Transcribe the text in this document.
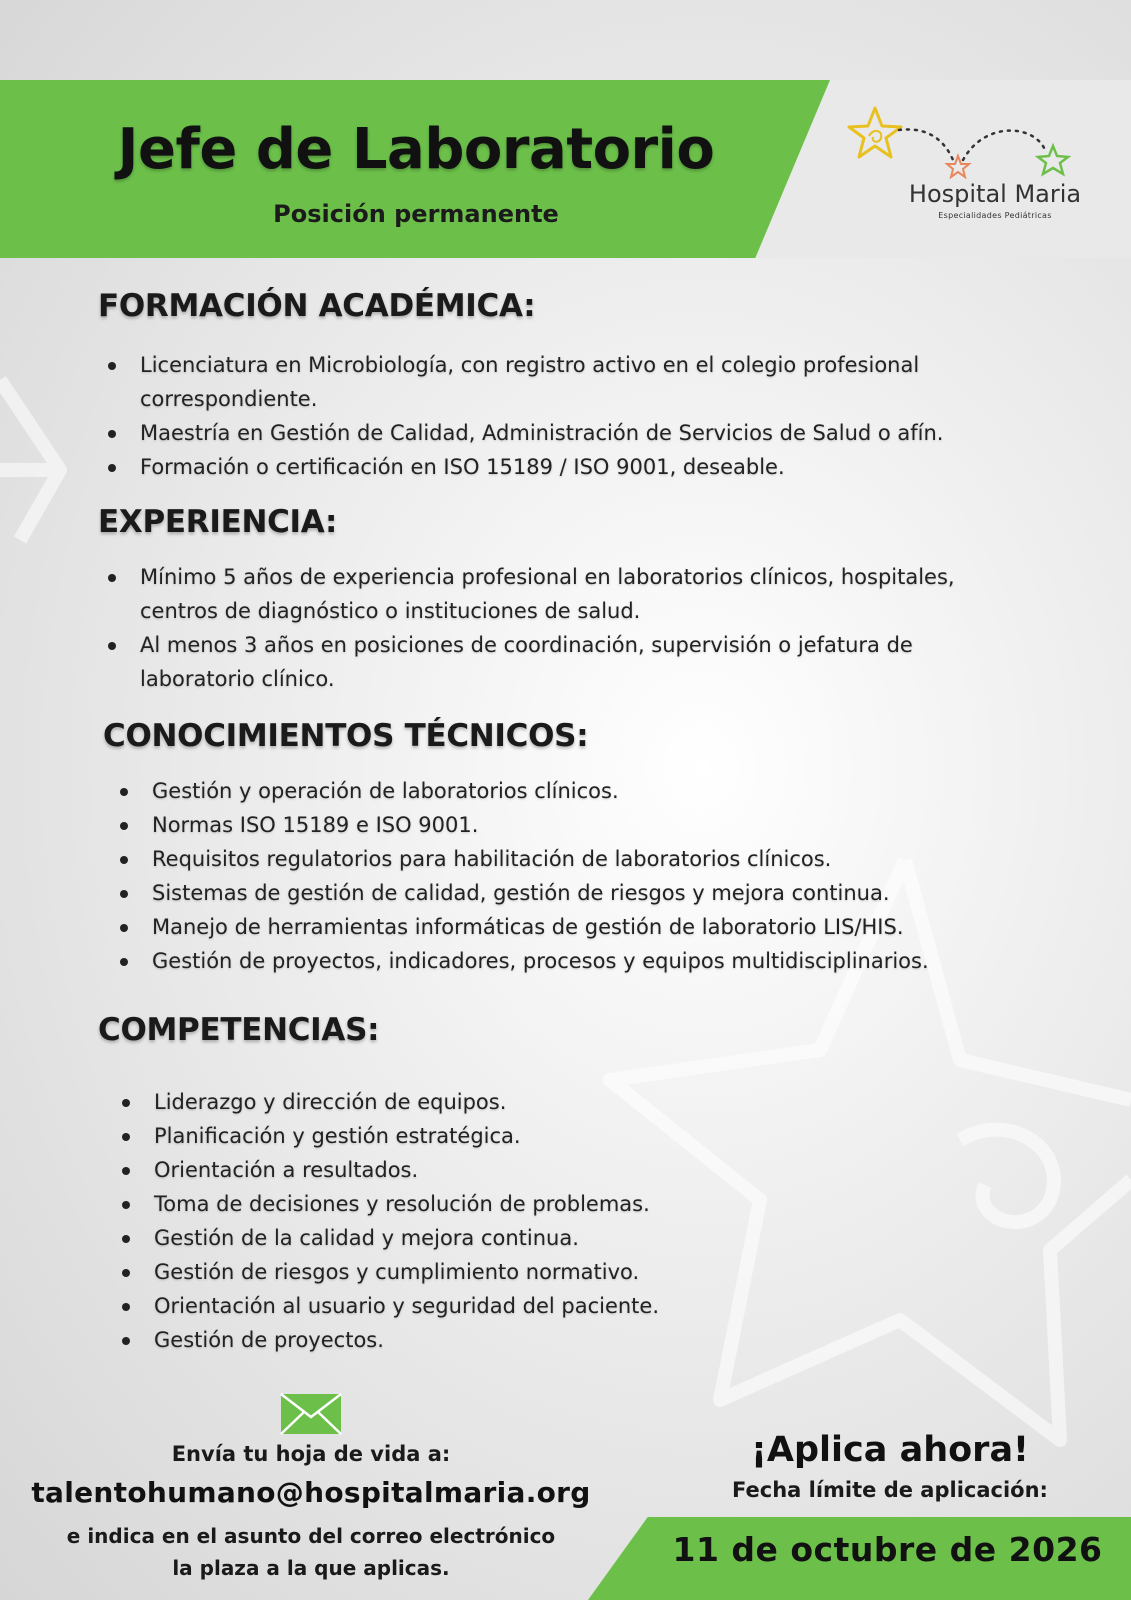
Jefe de Laboratorio

Posición permanente

Hospital Maria
Especialidades Pediátricas
FORMACIÓN ACADÉMICA:
Licenciatura en Microbiología, con registro activo en el colegio profesional
correspondiente.
Maestría en Gestión de Calidad, Administración de Servicios de Salud o afín.
Formación o certificación en ISO 15189 / ISO 9001, deseable.
EXPERIENCIA:
Mínimo 5 años de experiencia profesional en laboratorios clínicos, hospitales,
centros de diagnóstico o instituciones de salud.
Al menos 3 años en posiciones de coordinación, supervisión o jefatura de
laboratorio clínico.
CONOCIMIENTOS TÉCNICOS:
Gestión y operación de laboratorios clínicos.
Normas ISO 15189 e ISO 9001.
Requisitos regulatorios para habilitación de laboratorios clínicos.
Sistemas de gestión de calidad, gestión de riesgos y mejora continua.
Manejo de herramientas informáticas de gestión de laboratorio LIS/HIS.
Gestión de proyectos, indicadores, procesos y equipos multidisciplinarios.
COMPETENCIAS:
Liderazgo y dirección de equipos.
Planificación y gestión estratégica.
Orientación a resultados.
Toma de decisiones y resolución de problemas.
Gestión de la calidad y mejora continua.
Gestión de riesgos y cumplimiento normativo.
Orientación al usuario y seguridad del paciente.
Gestión de proyectos.
Envía tu hoja de vida a:
talentohumano@hospitalmaria.org
e indica en el asunto del correo electrónico
la plaza a la que aplicas.
¡Aplica ahora!
Fecha límite de aplicación:
11 de octubre de 2026
